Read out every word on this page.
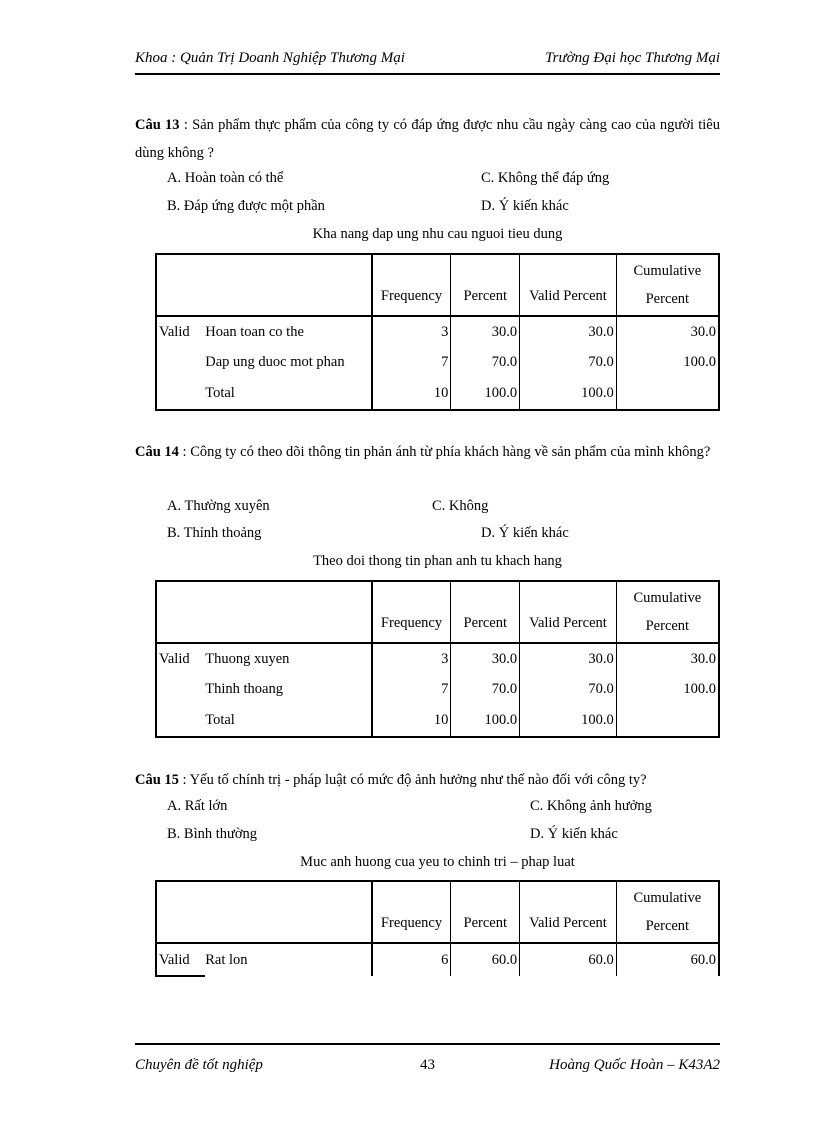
Khoa : Quản Trị Doanh Nghiệp Thương Mại	Trường Đại học Thương Mại
Câu 13 : Sản phẩm thực phẩm của công ty có đáp ứng được nhu cầu ngày càng cao của người tiêu dùng không ?
A. Hoàn toàn có thể	C. Không thể đáp ứng
B. Đáp ứng được một phần	D. Ý kiến khác
Kha nang dap ung nhu cau nguoi tieu dung
		Frequency	Percent	Valid Percent	Cumulative
Percent
Valid	Hoan toan co the	3	30.0	30.0	30.0
	Dap ung duoc mot phan	7	70.0	70.0	100.0
	Total	10	100.0	100.0	
Câu 14 : Công ty có theo dõi thông tin phản ánh từ phía khách hàng về sản phẩm của mình không?
A. Thường xuyên	C. Không
B. Thỉnh thoảng	D. Ý kiến khác
Theo doi thong tin phan anh tu khach hang
		Frequency	Percent	Valid Percent	Cumulative
Percent
Valid	Thuong xuyen	3	30.0	30.0	30.0
	Thinh thoang	7	70.0	70.0	100.0
	Total	10	100.0	100.0	
Câu 15 : Yếu tố chính trị - pháp luật có mức độ ảnh hưởng như thế nào đối với công ty?
A. Rất lớn	C. Không ảnh hưởng
B. Bình thường	D. Ý kiến khác
Muc anh huong cua yeu to chinh tri – phap luat
		Frequency	Percent	Valid Percent	Cumulative
Percent
Valid	Rat lon	6	60.0	60.0	60.0
Chuyên đề tốt nghiệp	43	Hoàng Quốc Hoàn – K43A2
